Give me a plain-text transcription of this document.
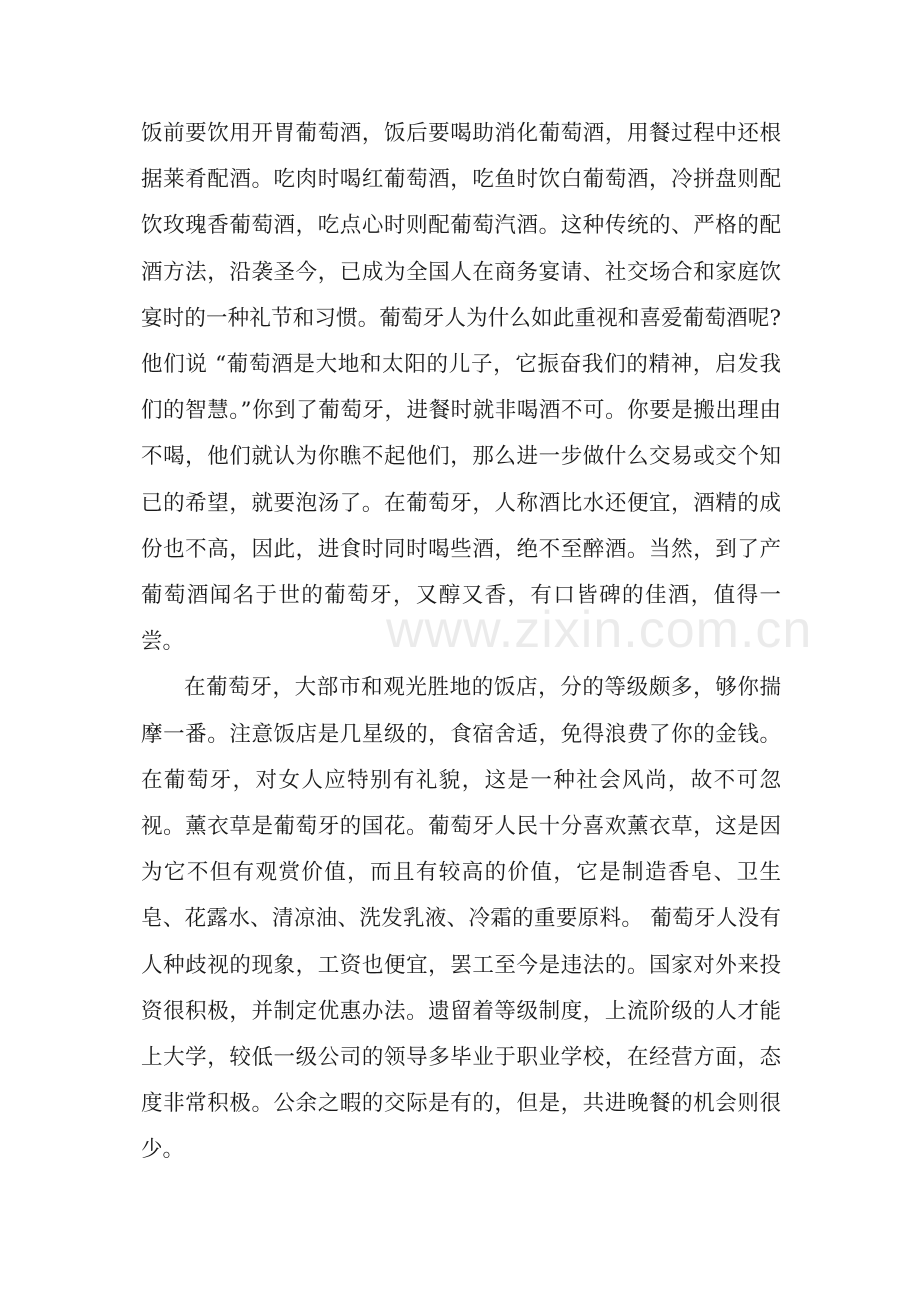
饭前要饮用开胃葡萄酒，饭后要喝助消化葡萄酒，用餐过程中还根据莱肴配酒。吃肉时喝红葡萄酒，吃鱼时饮白葡萄酒，冷拼盘则配饮玫瑰香葡萄酒，吃点心时则配葡萄汽酒。这种传统的、严格的配酒方法，沿袭圣今，已成为全国人在商务宴请、社交场合和家庭饮宴时的一种礼节和习惯。葡萄牙人为什么如此重视和喜爱葡萄酒呢?他们说 “葡萄酒是大地和太阳的儿子，它振奋我们的精神，启发我们的智慧。”你到了葡萄牙，进餐时就非喝酒不可。你要是搬出理由不喝，他们就认为你瞧不起他们，那么进一步做什么交易或交个知已的希望，就要泡汤了。在葡萄牙，人称酒比水还便宜，酒精的成份也不高，因此，进食时同时喝些酒，绝不至醉酒。当然，到了产葡萄酒闻名于世的葡萄牙，又醇又香，有口皆碑的佳酒，值得一尝。

在葡萄牙，大部市和观光胜地的饭店，分的等级颇多，够你揣摩一番。注意饭店是几星级的，食宿舍适，免得浪费了你的金钱。 在葡萄牙，对女人应特别有礼貌，这是一种社会风尚，故不可忽视。薰衣草是葡萄牙的国花。葡萄牙人民十分喜欢薰衣草，这是因为它不但有观赏价值，而且有较高的价值，它是制造香皂、卫生皂、花露水、清凉油、洗发乳液、冷霜的重要原料。 葡萄牙人没有人种歧视的现象，工资也便宜，罢工至今是违法的。国家对外来投资很积极，并制定优惠办法。遗留着等级制度，上流阶级的人才能上大学，较低一级公司的领导多毕业于职业学校，在经营方面，态度非常积极。公余之暇的交际是有的，但是，共进晚餐的机会则很少。

www.zixin.com.cn
